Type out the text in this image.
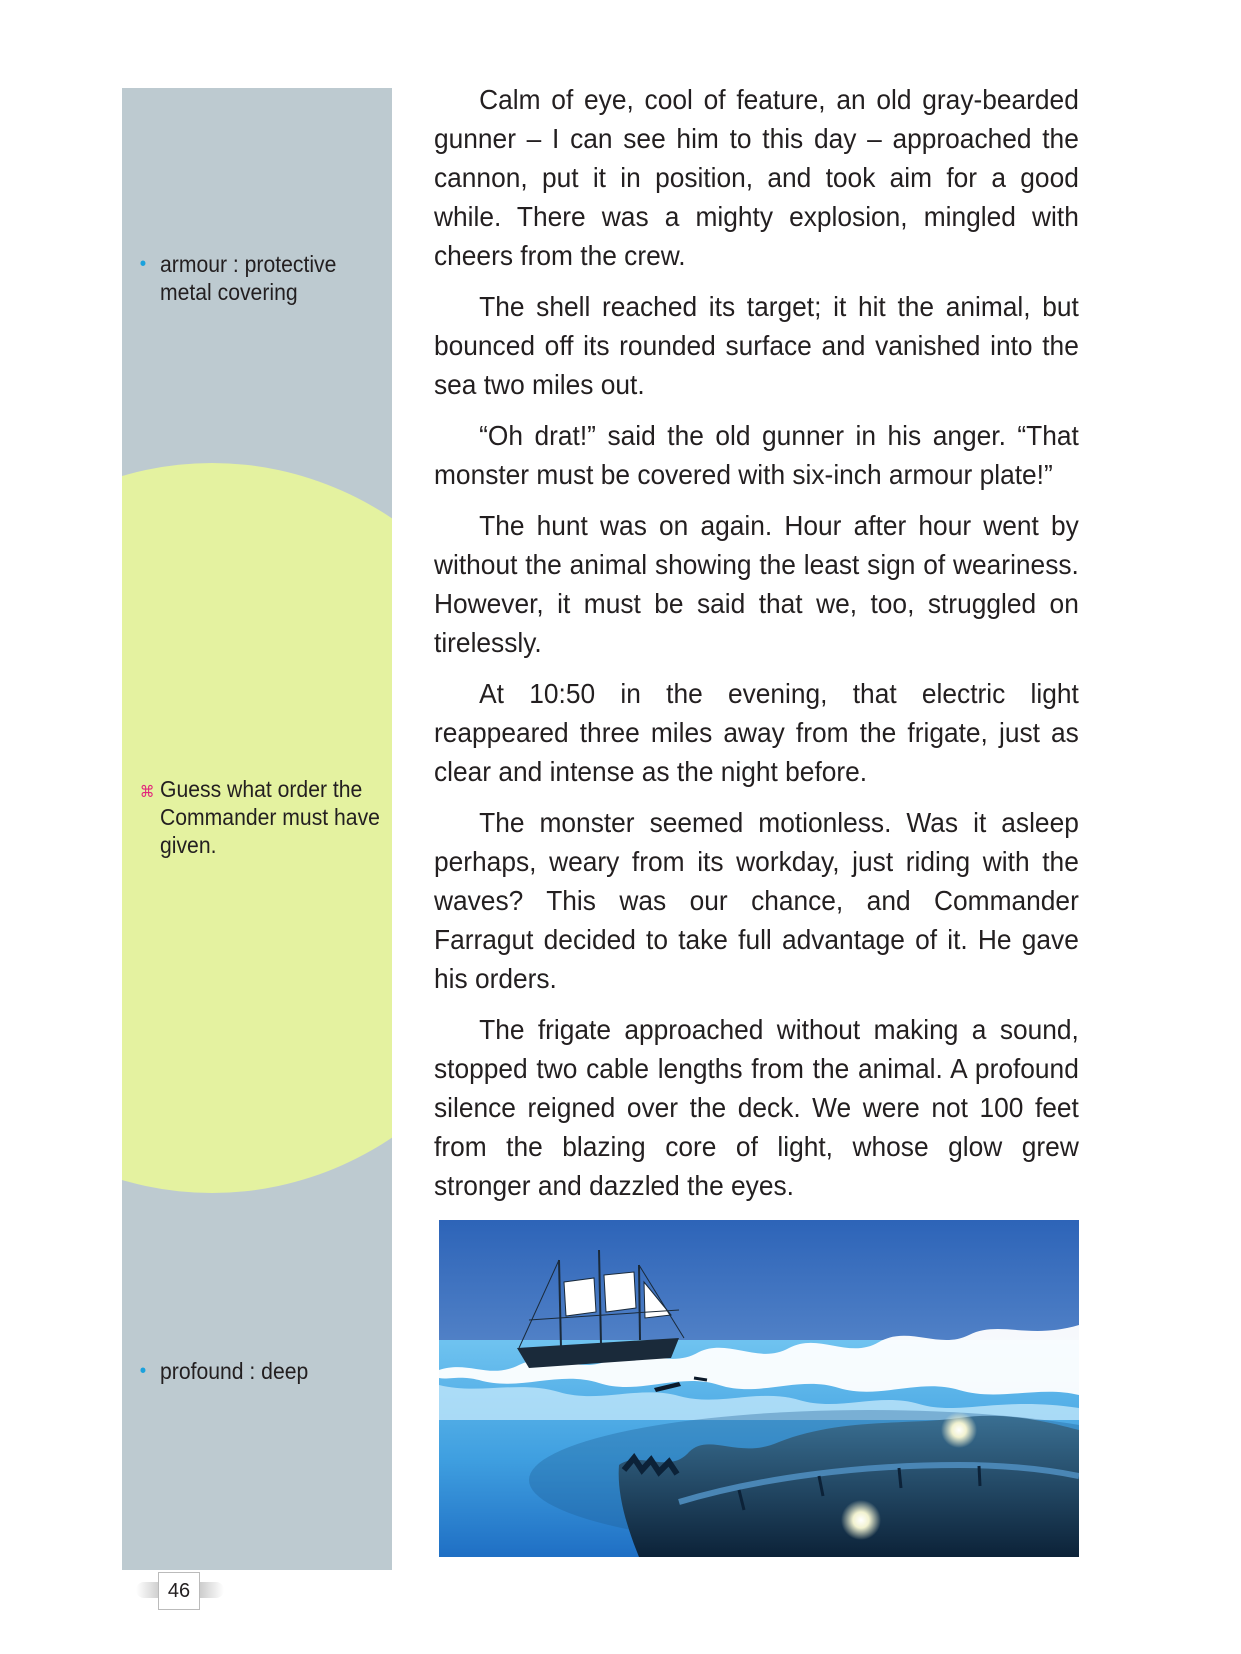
• armour : protective metal covering
⌘ Guess what order the Commander must have given.
• profound : deep

Calm of eye, cool of feature, an old gray-bearded gunner – I can see him to this day – approached the cannon, put it in position, and took aim for a good while. There was a mighty explosion, mingled with cheers from the crew.

The shell reached its target; it hit the animal, but bounced off its rounded surface and vanished into the sea two miles out.

“Oh drat!” said the old gunner in his anger. “That monster must be covered with six-inch armour plate!”

The hunt was on again. Hour after hour went by without the animal showing the least sign of weariness. However, it must be said that we, too, struggled on tirelessly.

At 10:50 in the evening, that electric light reappeared three miles away from the frigate, just as clear and intense as the night before.

The monster seemed motionless. Was it asleep perhaps, weary from its workday, just riding with the waves? This was our chance, and Commander Farragut decided to take full advantage of it. He gave his orders.

The frigate approached without making a sound, stopped two cable lengths from the animal. A profound silence reigned over the deck. We were not 100 feet from the blazing core of light, whose glow grew stronger and dazzled the eyes.

46
